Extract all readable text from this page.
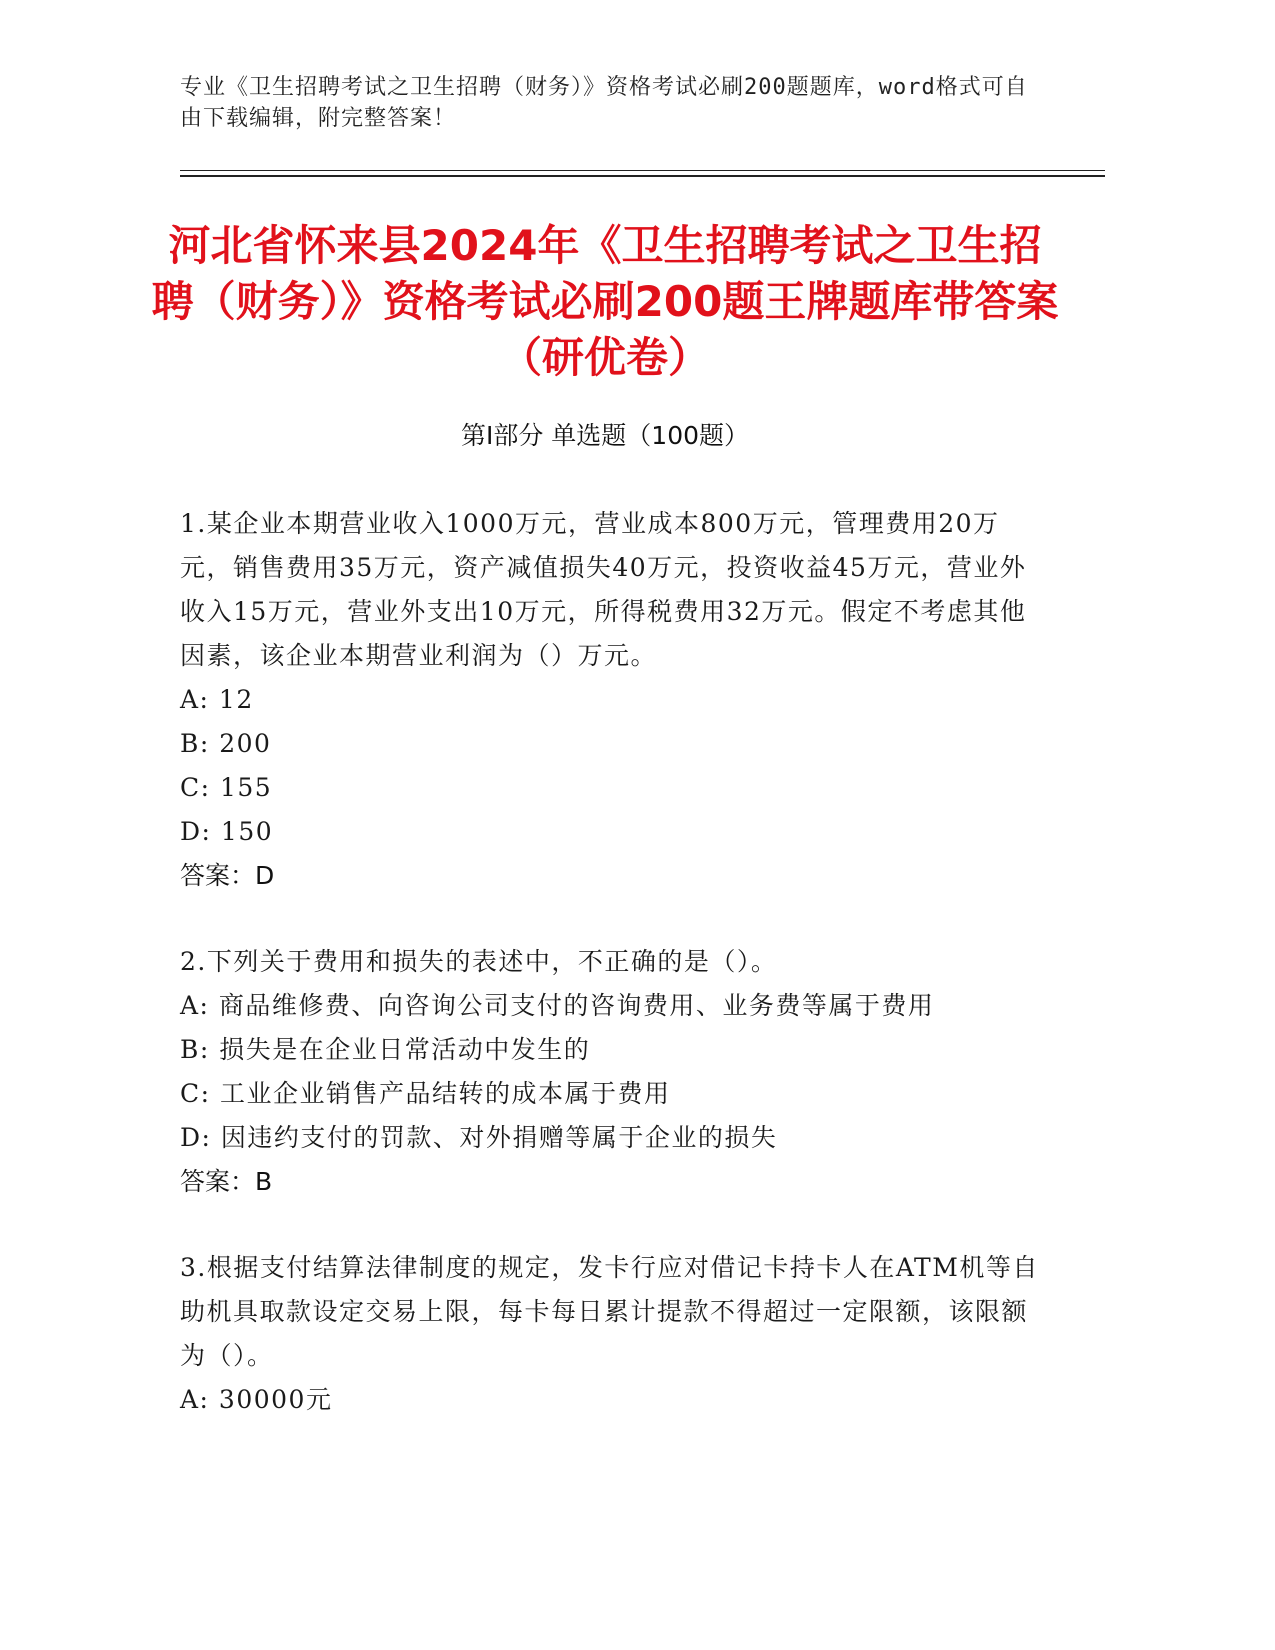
专业《卫生招聘考试之卫生招聘（财务）》资格考试必刷200题题库，word格式可自由下载编辑，附完整答案！
河北省怀来县2024年《卫生招聘考试之卫生招聘（财务）》资格考试必刷200题王牌题库带答案（研优卷）
第Ⅰ部分 单选题（100题）
1.某企业本期营业收入1000万元，营业成本800万元，管理费用20万元，销售费用35万元，资产减值损失40万元，投资收益45万元，营业外收入15万元，营业外支出10万元，所得税费用32万元。假定不考虑其他因素，该企业本期营业利润为（）万元。
A: 12
B: 200
C: 155
D: 150
答案：D
2.下列关于费用和损失的表述中，不正确的是（）。
A: 商品维修费、向咨询公司支付的咨询费用、业务费等属于费用
B: 损失是在企业日常活动中发生的
C: 工业企业销售产品结转的成本属于费用
D: 因违约支付的罚款、对外捐赠等属于企业的损失
答案：B
3.根据支付结算法律制度的规定，发卡行应对借记卡持卡人在ATM机等自助机具取款设定交易上限，每卡每日累计提款不得超过一定限额，该限额为（）。
A: 30000元
